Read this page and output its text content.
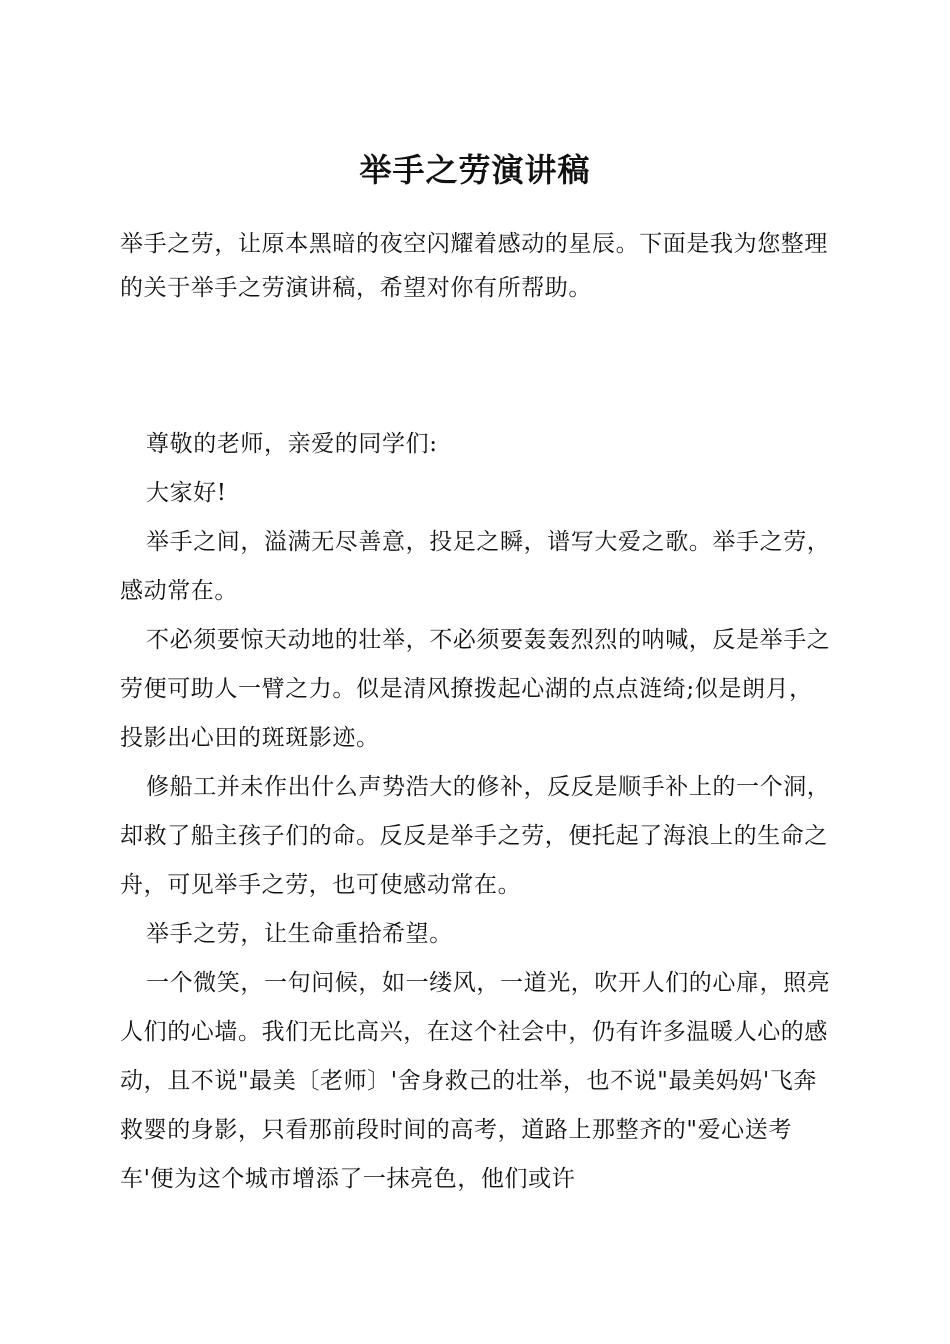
举手之劳演讲稿

举手之劳，让原本黑暗的夜空闪耀着感动的星辰。下面是我为您整理的关于举手之劳演讲稿，希望对你有所帮助。

尊敬的老师，亲爱的同学们:

大家好!

举手之间，溢满无尽善意，投足之瞬，谱写大爱之歌。举手之劳，感动常在。

不必须要惊天动地的壮举，不必须要轰轰烈烈的呐喊，反是举手之劳便可助人一臂之力。似是清风撩拨起心湖的点点涟绮;似是朗月，投影出心田的斑斑影迹。

修船工并未作出什么声势浩大的修补，反反是顺手补上的一个洞，却救了船主孩子们的命。反反是举手之劳，便托起了海浪上的生命之舟，可见举手之劳，也可使感动常在。

举手之劳，让生命重拾希望。

一个微笑，一句问候，如一缕风，一道光，吹开人们的心扉，照亮人们的心墙。我们无比高兴，在这个社会中，仍有许多温暖人心的感动，且不说"最美〔老师〕'舍身救己的壮举，也不说"最美妈妈'飞奔救婴的身影，只看那前段时间的高考，道路上那整齐的"爱心送考车'便为这个城市增添了一抹亮色，他们或许
